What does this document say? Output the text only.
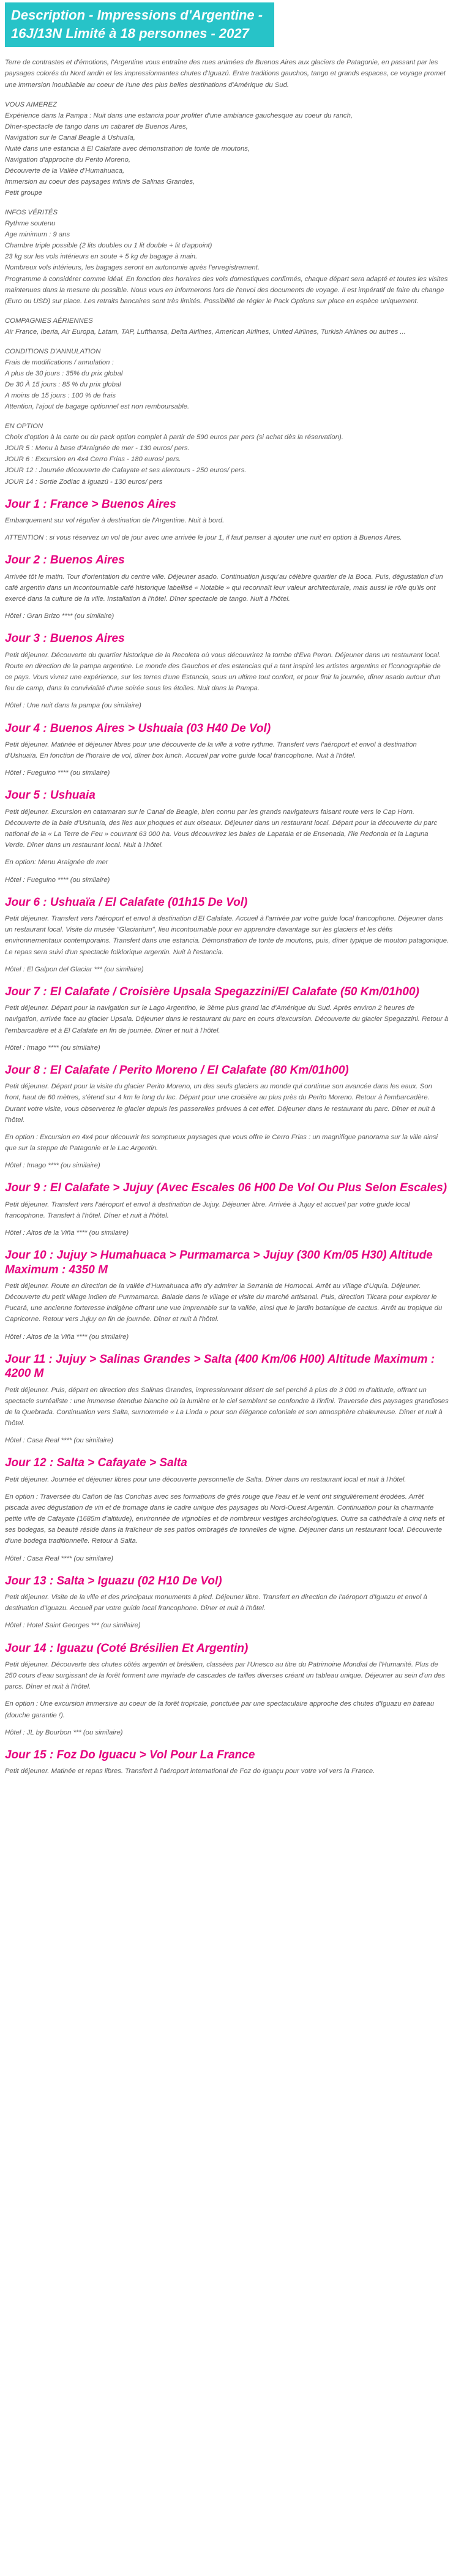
Description - Impressions d'Argentine - 16J/13N Limité à 18 personnes - 2027

Terre de contrastes et d'émotions, l'Argentine vous entraîne des rues animées de Buenos Aires aux glaciers de Patagonie, en passant par les paysages colorés du Nord andin et les impressionnantes chutes d'Iguazú. Entre traditions gauchos, tango et grands espaces, ce voyage promet une immersion inoubliable au coeur de l'une des plus belles destinations d'Amérique du Sud.

VOUS AIMEREZ
Expérience dans la Pampa : Nuit dans une estancia pour profiter d'une ambiance gauchesque au coeur du ranch,
Dîner-spectacle de tango dans un cabaret de Buenos Aires,
Navigation sur le Canal Beagle à Ushuaïa,
Nuité dans une estancia à El Calafate avec démonstration de tonte de moutons,
Navigation d'approche du Perito Moreno,
Découverte de la Vallée d'Humahuaca,
Immersion au coeur des paysages infinis de Salinas Grandes,
Petit groupe
INFOS VÉRITÉS
Rythme soutenu
Age minimum : 9 ans
Chambre triple possible (2 lits doubles ou 1 lit double + lit d'appoint)
23 kg sur les vols intérieurs en soute + 5 kg de bagage à main.
Nombreux vols intérieurs, les bagages seront en autonomie après l'enregistrement.
Programme à considérer comme idéal. En fonction des horaires des vols domestiques confirmés, chaque départ sera adapté et toutes les visites maintenues dans la mesure du possible. Nous vous en informerons lors de l'envoi des documents de voyage. Il est impératif de faire du change (Euro ou USD) sur place. Les retraits bancaires sont très limités. Possibilité de régler le Pack Options sur place en espèce uniquement.
COMPAGNIES AÉRIENNES
Air France, Iberia, Air Europa, Latam, TAP, Lufthansa, Delta Airlines, American Airlines, United Airlines, Turkish Airlines ou autres ...
CONDITIONS D'ANNULATION
Frais de modifications / annulation :
A plus de 30 jours : 35% du prix global
De 30 À 15 jours : 85 % du prix global
A moins de 15 jours : 100 % de frais
Attention, l'ajout de bagage optionnel est non remboursable.
EN OPTION
Choix d'option à la carte ou du pack option complet à partir de 590 euros par pers (si achat dès la réservation).
JOUR 5 : Menu à base d'Araignée de mer - 130 euros/ pers.
JOUR 6 : Excursion en 4x4 Cerro Frias - 180 euros/ pers.
JOUR 12 : Journée découverte de Cafayate et ses alentours - 250 euros/ pers.
JOUR 14 : Sortie Zodiac à Iguazú - 130 euros/ pers
Jour 1 : France > Buenos Aires

Embarquement sur vol régulier à destination de l'Argentine. Nuit à bord.

ATTENTION : si vous réservez un vol de jour avec une arrivée le jour 1, il faut penser à ajouter une nuit en option à Buenos Aires.

Jour 2 : Buenos Aires

Arrivée tôt le matin. Tour d'orientation du centre ville. Déjeuner asado. Continuation jusqu'au célèbre quartier de la Boca. Puis, dégustation d'un café argentin dans un incontournable café historique labellisé « Notable » qui reconnaît leur valeur architecturale, mais aussi le rôle qu'ils ont exercé dans la culture de la ville. Installation à l'hôtel. Dîner spectacle de tango. Nuit à l'hôtel.

Hôtel : Gran Brizo **** (ou similaire)

Jour 3 : Buenos Aires

Petit déjeuner. Découverte du quartier historique de la Recoleta où vous découvrirez la tombe d'Eva Peron. Déjeuner dans un restaurant local. Route en direction de la pampa argentine. Le monde des Gauchos et des estancias qui a tant inspiré les artistes argentins et l'iconographie de ce pays. Vous vivrez une expérience, sur les terres d'une Estancia, sous un ultime tout confort, et pour finir la journée, dîner asado autour d'un feu de camp, dans la convivialité d'une soirée sous les étoiles. Nuit dans la Pampa.

Hôtel : Une nuit dans la pampa (ou similaire)

Jour 4 : Buenos Aires > Ushuaia (03 H40 De Vol)

Petit déjeuner. Matinée et déjeuner libres pour une découverte de la ville à votre rythme. Transfert vers l'aéroport et envol à destination d'Ushuaïa. En fonction de l'horaire de vol, dîner box lunch. Accueil par votre guide local francophone. Nuit à l'hôtel.

Hôtel : Fueguino **** (ou similaire)

Jour 5 : Ushuaia

Petit déjeuner. Excursion en catamaran sur le Canal de Beagle, bien connu par les grands navigateurs faisant route vers le Cap Horn. Découverte de la baie d'Ushuaïa, des îles aux phoques et aux oiseaux. Déjeuner dans un restaurant local. Départ pour la découverte du parc national de la « La Terre de Feu » couvrant 63 000 ha. Vous découvrirez les baies de Lapataia et de Ensenada, l'île Redonda et la Laguna Verde. Dîner dans un restaurant local. Nuit à l'hôtel.

En option: Menu Araignée de mer

Hôtel : Fueguino **** (ou similaire)

Jour 6 : Ushuaïa / El Calafate (01h15 De Vol)

Petit déjeuner. Transfert vers l'aéroport et envol à destination d'El Calafate. Accueil à l'arrivée par votre guide local francophone. Déjeuner dans un restaurant local. Visite du musée "Glaciarium", lieu incontournable pour en apprendre davantage sur les glaciers et les défis environnementaux contemporains. Transfert dans une estancia. Démonstration de tonte de moutons, puis, dîner typique de mouton patagonique. Le repas sera suivi d'un spectacle folklorique argentin. Nuit à l'estancia.

Hôtel : El Galpon del Glaciar *** (ou similaire)

Jour 7 : El Calafate / Croisière Upsala Spegazzini/El Calafate (50 Km/01h00)

Petit déjeuner. Départ pour la navigation sur le Lago Argentino, le 3ème plus grand lac d'Amérique du Sud. Après environ 2 heures de navigation, arrivée face au glacier Upsala. Déjeuner dans le restaurant du parc en cours d'excursion. Découverte du glacier Spegazzini. Retour à l'embarcadère et à El Calafate en fin de journée. Dîner et nuit à l'hôtel.

Hôtel : Imago **** (ou similaire)

Jour 8 : El Calafate / Perito Moreno / El Calafate (80 Km/01h00)

Petit déjeuner. Départ pour la visite du glacier Perito Moreno, un des seuls glaciers au monde qui continue son avancée dans les eaux. Son front, haut de 60 mètres, s'étend sur 4 km le long du lac. Départ pour une croisière au plus près du Perito Moreno. Retour à l'embarcadère. Durant votre visite, vous observerez le glacier depuis les passerelles prévues à cet effet. Déjeuner dans le restaurant du parc. Dîner et nuit à l'hôtel.

En option : Excursion en 4x4 pour découvrir les somptueux paysages que vous offre le Cerro Frias : un magnifique panorama sur la ville ainsi que sur la steppe de Patagonie et le Lac Argentin.

Hôtel : Imago **** (ou similaire)

Jour 9 : El Calafate > Jujuy (Avec Escales 06 H00 De Vol Ou Plus Selon Escales)

Petit déjeuner. Transfert vers l'aéroport et envol à destination de Jujuy. Déjeuner libre. Arrivée à Jujuy et accueil par votre guide local francophone. Transfert à l'hôtel. Dîner et nuit à l'hôtel.

Hôtel : Altos de la Viña **** (ou similaire)

Jour 10 : Jujuy > Humahuaca > Purmamarca > Jujuy (300 Km/05 H30) Altitude Maximum : 4350 M

Petit déjeuner. Route en direction de la vallée d'Humahuaca afin d'y admirer la Serrania de Hornocal. Arrêt au village d'Uquía. Déjeuner. Découverte du petit village indien de Purmamarca. Balade dans le village et visite du marché artisanal. Puis, direction Tilcara pour explorer le Pucará, une ancienne forteresse indigène offrant une vue imprenable sur la vallée, ainsi que le jardin botanique de cactus. Arrêt au tropique du Capricorne. Retour vers Jujuy en fin de journée. Dîner et nuit à l'hôtel.

Hôtel : Altos de la Viña **** (ou similaire)

Jour 11 : Jujuy > Salinas Grandes > Salta (400 Km/06 H00) Altitude Maximum : 4200 M

Petit déjeuner. Puis, départ en direction des Salinas Grandes, impressionnant désert de sel perché à plus de 3 000 m d'altitude, offrant un spectacle surréaliste : une immense étendue blanche où la lumière et le ciel semblent se confondre à l'infini. Traversée des paysages grandioses de la Quebrada. Continuation vers Salta, surnommée « La Linda » pour son élégance coloniale et son atmosphère chaleureuse. Dîner et nuit à l'hôtel.

Hôtel : Casa Real **** (ou similaire)

Jour 12 : Salta > Cafayate > Salta

Petit déjeuner. Journée et déjeuner libres pour une découverte personnelle de Salta. Dîner dans un restaurant local et nuit à l'hôtel.

En option : Traversée du Cañon de las Conchas avec ses formations de grès rouge que l'eau et le vent ont singulièrement érodées. Arrêt piscada avec dégustation de vin et de fromage dans le cadre unique des paysages du Nord-Ouest Argentin. Continuation pour la charmante petite ville de Cafayate (1685m d'altitude), environnée de vignobles et de nombreux vestiges archéologiques. Outre sa cathédrale à cinq nefs et ses bodegas, sa beauté réside dans la fraîcheur de ses patios ombragés de tonnelles de vigne. Déjeuner dans un restaurant local. Découverte d'une bodega traditionnelle. Retour à Salta.

Hôtel : Casa Real **** (ou similaire)

Jour 13 : Salta > Iguazu (02 H10 De Vol)

Petit déjeuner. Visite de la ville et des principaux monuments à pied. Déjeuner libre. Transfert en direction de l'aéroport d'Iguazu et envol à destination d'Iguazu. Accueil par votre guide local francophone. Dîner et nuit à l'hôtel.

Hôtel : Hotel Saint Georges *** (ou similaire)

Jour 14 : Iguazu (Coté Brésilien Et Argentin)

Petit déjeuner. Découverte des chutes côtés argentin et brésilien, classées par l'Unesco au titre du Patrimoine Mondial de l'Humanité. Plus de 250 cours d'eau surgissant de la forêt forment une myriade de cascades de tailles diverses créant un tableau unique. Déjeuner au sein d'un des parcs. Dîner et nuit à l'hôtel.

En option : Une excursion immersive au coeur de la forêt tropicale, ponctuée par une spectaculaire approche des chutes d'Iguazu en bateau (douche garantie !).

Hôtel : JL by Bourbon *** (ou similaire)

Jour 15 : Foz Do Iguacu > Vol Pour La France

Petit déjeuner. Matinée et repas libres. Transfert à l'aéroport international de Foz do Iguaçu pour votre vol vers la France.
